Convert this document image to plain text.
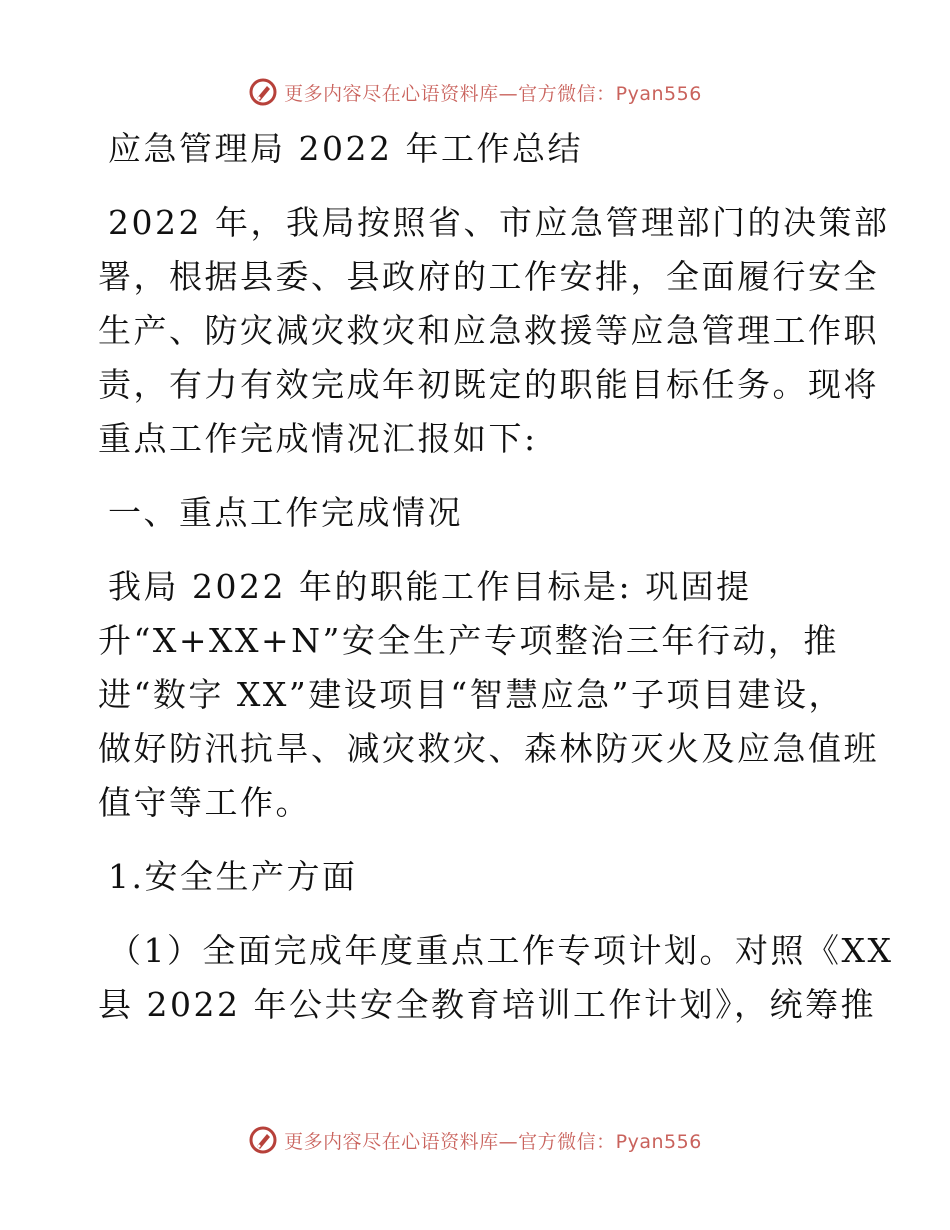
更多内容尽在心语资料库—官方微信：Pyan556
应急管理局 2022 年工作总结
2022 年，我局按照省、市应急管理部门的决策部
署，根据县委、县政府的工作安排，全面履行安全
生产、防灾减灾救灾和应急救援等应急管理工作职
责，有力有效完成年初既定的职能目标任务。现将
重点工作完成情况汇报如下:
一、重点工作完成情况
我局 2022 年的职能工作目标是: 巩固提
升“X+XX+N”安全生产专项整治三年行动，推
进“数字 XX”建设项目“智慧应急”子项目建设，
做好防汛抗旱、减灾救灾、森林防灭火及应急值班
值守等工作。
1.安全生产方面
（1）全面完成年度重点工作专项计划。对照《XX
县 2022 年公共安全教育培训工作计划》，统筹推
更多内容尽在心语资料库—官方微信：Pyan556
